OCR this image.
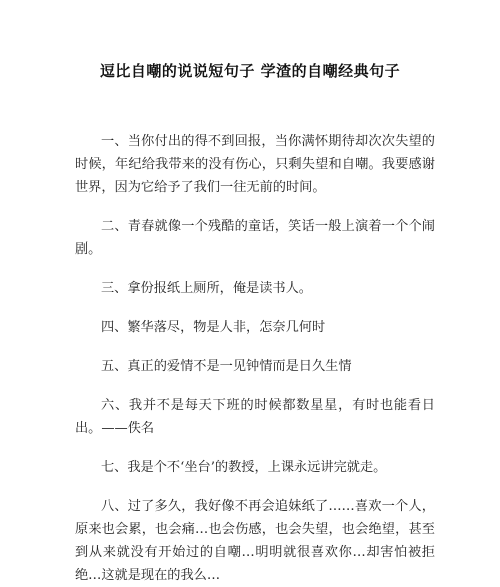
逗比自嘲的说说短句子 学渣的自嘲经典句子

一、当你付出的得不到回报，当你满怀期待却次次失望的时候，年纪给我带来的没有伤心，只剩失望和自嘲。我要感谢世界，因为它给予了我们一往无前的时间。

二、青春就像一个残酷的童话，笑话一般上演着一个个闹剧。

三、拿份报纸上厕所，俺是读书人。

四、繁华落尽，物是人非，怎奈几何时

五、真正的爱情不是一见钟情而是日久生情

六、我并不是每天下班的时候都数星星，有时也能看日出。——佚名

七、我是个不‘坐台’的教授，上课永远讲完就走。

八、过了多久，我好像不再会追妹纸了……喜欢一个人，原来也会累，也会痛…也会伤感，也会失望，也会绝望，甚至到从来就没有开始过的自嘲…明明就很喜欢你…却害怕被拒绝…这就是现在的我么…
